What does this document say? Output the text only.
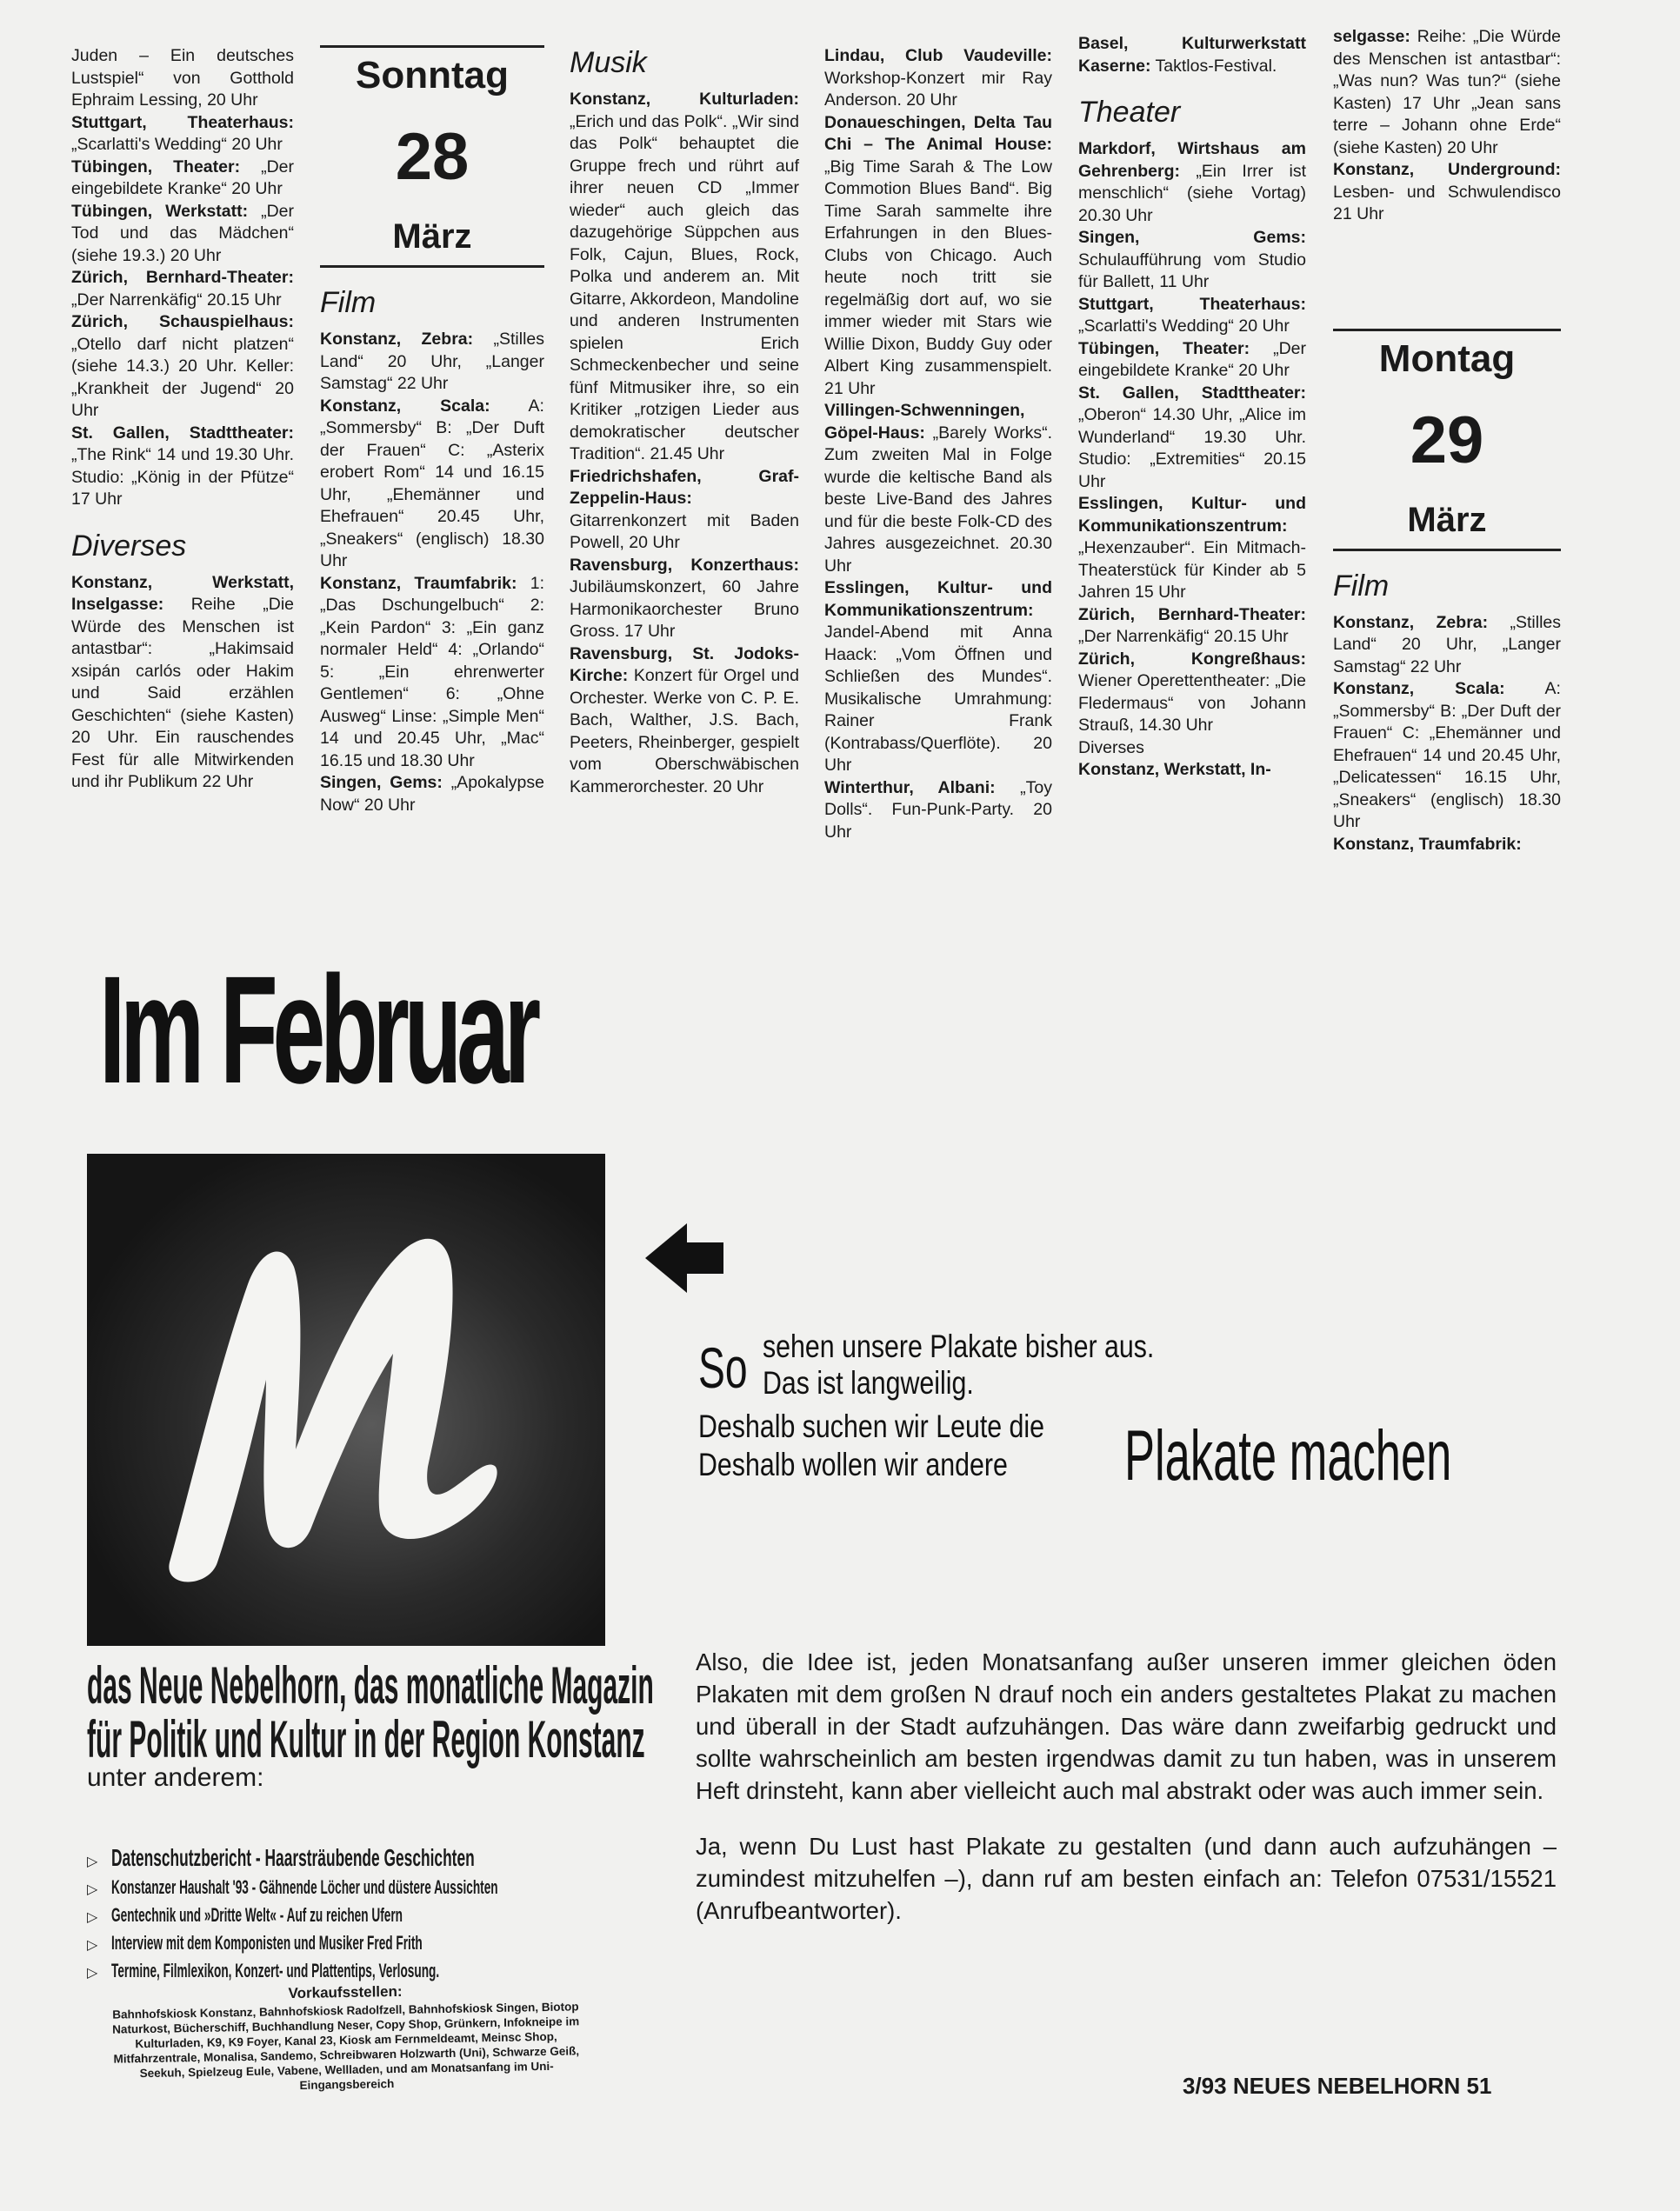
Juden – Ein deutsches Lustspiel“ von Gotthold Ephraim Lessing, 20 Uhr

Stuttgart, Theaterhaus: „Scarlatti's Wedding“ 20 Uhr

Tübingen, Theater: „Der eingebildete Kranke“ 20 Uhr

Tübingen, Werkstatt: „Der Tod und das Mädchen“ (siehe 19.3.) 20 Uhr

Zürich, Bernhard-Theater: „Der Narrenkäfig“ 20.15 Uhr

Zürich, Schauspielhaus: „Otello darf nicht platzen“ (siehe 14.3.) 20 Uhr. Keller: „Krankheit der Jugend“ 20 Uhr

St. Gallen, Stadttheater: „The Rink“ 14 und 19.30 Uhr. Studio: „König in der Pfütze“ 17 Uhr

Diverses

Konstanz, Werkstatt, Inselgasse: Reihe „Die Würde des Menschen ist antastbar“: „Hakimsaid xsipán carlós oder Hakim und Said erzählen Geschichten“ (siehe Kasten) 20 Uhr. Ein rauschendes Fest für alle Mitwirkenden und ihr Publikum 22 Uhr

Sonntag
28
März

Film

Konstanz, Zebra: „Stilles Land“ 20 Uhr, „Langer Samstag“ 22 Uhr

Konstanz, Scala: A: „Sommersby“ B: „Der Duft der Frauen“ C: „Asterix erobert Rom“ 14 und 16.15 Uhr, „Ehemänner und Ehefrauen“ 20.45 Uhr, „Sneakers“ (englisch) 18.30 Uhr

Konstanz, Traumfabrik: 1: „Das Dschungelbuch“ 2: „Kein Pardon“ 3: „Ein ganz normaler Held“ 4: „Orlando“ 5: „Ein ehrenwerter Gentlemen“ 6: „Ohne Ausweg“ Linse: „Simple Men“ 14 und 20.45 Uhr, „Mac“ 16.15 und 18.30 Uhr

Singen, Gems: „Apokalypse Now“ 20 Uhr

Musik

Konstanz, Kulturladen: „Erich und das Polk“. „Wir sind das Polk“ behauptet die Gruppe frech und rührt auf ihrer neuen CD „Immer wieder“ auch gleich das dazugehörige Süppchen aus Folk, Cajun, Blues, Rock, Polka und anderem an. Mit Gitarre, Akkordeon, Mandoline und anderen Instrumenten spielen Erich Schmeckenbecher und seine fünf Mitmusiker ihre, so ein Kritiker „rotzigen Lieder aus demokratischer deutscher Tradition“. 21.45 Uhr

Friedrichshafen, Graf-Zeppelin-Haus: Gitarrenkonzert mit Baden Powell, 20 Uhr

Ravensburg, Konzerthaus: Jubiläumskonzert, 60 Jahre Harmonikaorchester Bruno Gross. 17 Uhr

Ravensburg, St. Jodoks-Kirche: Konzert für Orgel und Orchester. Werke von C. P. E. Bach, Walther, J.S. Bach, Peeters, Rheinberger, gespielt vom Oberschwäbischen Kammerorchester. 20 Uhr

Lindau, Club Vaudeville: Workshop-Konzert mir Ray Anderson. 20 Uhr

Donaueschingen, Delta Tau Chi – The Animal House: „Big Time Sarah & The Low Commotion Blues Band“. Big Time Sarah sammelte ihre Erfahrungen in den Blues-Clubs von Chicago. Auch heute noch tritt sie regelmäßig dort auf, wo sie immer wieder mit Stars wie Willie Dixon, Buddy Guy oder Albert King zusammenspielt. 21 Uhr

Villingen-Schwenningen, Göpel-Haus: „Barely Works“. Zum zweiten Mal in Folge wurde die keltische Band als beste Live-Band des Jahres und für die beste Folk-CD des Jahres ausgezeichnet. 20.30 Uhr

Esslingen, Kultur- und Kommunikationszentrum: Jandel-Abend mit Anna Haack: „Vom Öffnen und Schließen des Mundes“. Musikalische Umrahmung: Rainer Frank (Kontrabass/Querflöte). 20 Uhr

Winterthur, Albani: „Toy Dolls“. Fun-Punk-Party. 20 Uhr

Basel, Kulturwerkstatt Kaserne: Taktlos-Festival.

Theater

Markdorf, Wirtshaus am Gehrenberg: „Ein Irrer ist menschlich“ (siehe Vortag) 20.30 Uhr

Singen, Gems: Schulaufführung vom Studio für Ballett, 11 Uhr

Stuttgart, Theaterhaus: „Scarlatti's Wedding“ 20 Uhr

Tübingen, Theater: „Der eingebildete Kranke“ 20 Uhr

St. Gallen, Stadttheater: „Oberon“ 14.30 Uhr, „Alice im Wunderland“ 19.30 Uhr. Studio: „Extremities“ 20.15 Uhr

Esslingen, Kultur- und Kommunikationszentrum: „Hexenzauber“. Ein Mitmach-Theaterstück für Kinder ab 5 Jahren 15 Uhr

Zürich, Bernhard-Theater: „Der Narrenkäfig“ 20.15 Uhr

Zürich, Kongreßhaus: Wiener Operettentheater: „Die Fledermaus“ von Johann Strauß, 14.30 Uhr

Diverses

Konstanz, Werkstatt, In-

selgasse: Reihe: „Die Würde des Menschen ist antastbar“: „Was nun? Was tun?“ (siehe Kasten) 17 Uhr „Jean sans terre – Johann ohne Erde“ (siehe Kasten) 20 Uhr

Konstanz, Underground: Lesben- und Schwulendisco 21 Uhr

Montag
29
März

Film

Konstanz, Zebra: „Stilles Land“ 20 Uhr, „Langer Samstag“ 22 Uhr

Konstanz, Scala: A: „Sommersby“ B: „Der Duft der Frauen“ C: „Ehemänner und Ehefrauen“ 14 und 20.45 Uhr, „Delicatessen“ 16.15 Uhr, „Sneakers“ (englisch) 18.30 Uhr

Konstanz, Traumfabrik:

Im Februar
So sehen unsere Plakate bisher aus.
Das ist langweilig.
Deshalb suchen wir Leute die
Deshalb wollen wir andere Plakate machen
das Neue Nebelhorn, das monatliche Magazin
für Politik und Kultur in der Region Konstanz
unter anderem:
▷ Datenschutzbericht - Haarsträubende Geschichten
▷ Konstanzer Haushalt '93 - Gähnende Löcher und düstere Aussichten
▷ Gentechnik und »Dritte Welt« - Auf zu reichen Ufern
▷ Interview mit dem Komponisten und Musiker Fred Frith
▷ Termine, Filmlexikon, Konzert- und Plattentips, Verlosung.
Vorkaufsstellen:
Bahnhofskiosk Konstanz, Bahnhofskiosk Radolfzell, Bahnhofskiosk Singen, Biotop Naturkost, Bücherschiff, Buchhandlung Neser, Copy Shop, Grünkern, Infokneipe im Kulturladen, K9, K9 Foyer, Kanal 23, Kiosk am Fernmeldeamt, Meinsc Shop, Mitfahrzentrale, Monalisa, Sandemo, Schreibwaren Holzwarth (Uni), Schwarze Geiß, Seekuh, Spielzeug Eule, Vabene, Wellladen, und am Monatsanfang im Uni-Eingangsbereich

Also, die Idee ist, jeden Monatsanfang außer unseren immer gleichen öden Plakaten mit dem großen N drauf noch ein anders gestaltetes Plakat zu machen und überall in der Stadt aufzuhängen. Das wäre dann zweifarbig gedruckt und sollte wahrscheinlich am besten irgendwas damit zu tun haben, was in unserem Heft drinsteht, kann aber vielleicht auch mal abstrakt oder was auch immer sein.

Ja, wenn Du Lust hast Plakate zu gestalten (und dann auch aufzuhängen – zumindest mitzuhelfen –), dann ruf am besten einfach an: Telefon 07531/15521 (Anrufbeantworter).

3/93 NEUES NEBELHORN 51
